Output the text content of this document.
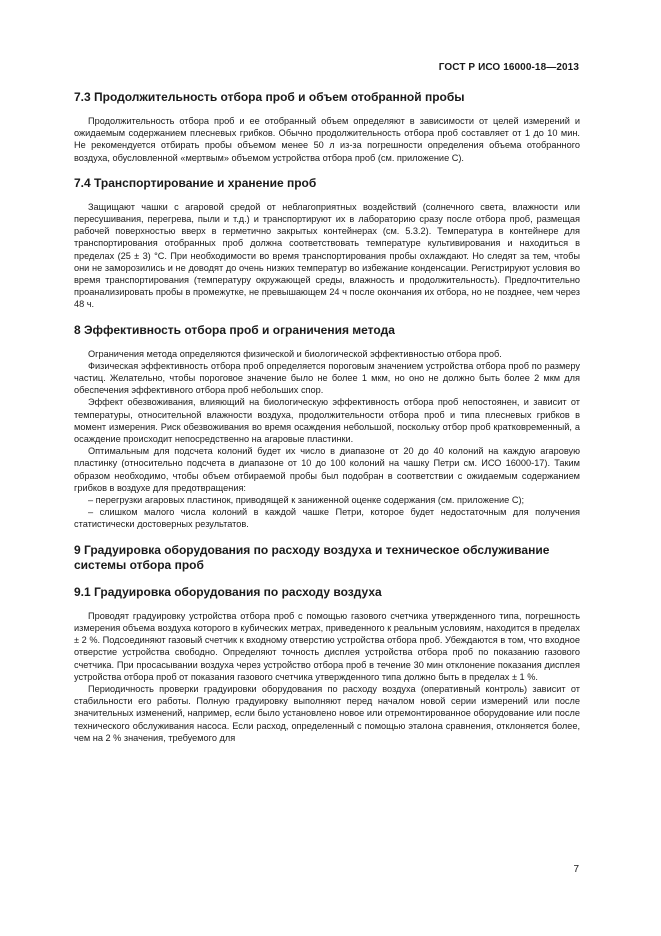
ГОСТ Р ИСО 16000-18—2013
7.3 Продолжительность отбора проб и объем отобранной пробы

Продолжительность отбора проб и ее отобранный объем определяют в зависимости от целей измерений и ожидаемым содержанием плесневых грибков. Обычно продолжительность отбора проб составляет от 1 до 10 мин. Не рекомендуется отбирать пробы объемом менее 50 л из-за погрешности определения объема отобранного воздуха, обусловленной «мертвым» объемом устройства отбора проб (см. приложение С).

7.4 Транспортирование и хранение проб

Защищают чашки с агаровой средой от неблагоприятных воздействий (солнечного света, влажности или пересушивания, перегрева, пыли и т.д.) и транспортируют их в лабораторию сразу после отбора проб, размещая рабочей поверхностью вверх в герметично закрытых контейнерах (см. 5.3.2). Температура в контейнере для транспортирования отобранных проб должна соответствовать температуре культивирования и находиться в пределах (25 ± 3) °С. При необходимости во время транспортирования пробы охлаждают. Но следят за тем, чтобы они не заморозились и не доводят до очень низких температур во избежание конденсации. Регистрируют условия во время транспортирования (температуру окружающей среды, влажность и продолжительность). Предпочтительно проанализировать пробы в промежутке, не превышающем 24 ч после окончания их отбора, но не позднее, чем через 48 ч.

8 Эффективность отбора проб и ограничения метода

Ограничения метода определяются физической и биологической эффективностью отбора проб.

Физическая эффективность отбора проб определяется пороговым значением устройства отбора проб по размеру частиц. Желательно, чтобы пороговое значение было не более 1 мкм, но оно не должно быть более 2 мкм для обеспечения эффективного отбора проб небольших спор.

Эффект обезвоживания, влияющий на биологическую эффективность отбора проб непостоянен, и зависит от температуры, относительной влажности воздуха, продолжительности отбора проб и типа плесневых грибков в момент измерения. Риск обезвоживания во время осаждения небольшой, поскольку отбор проб кратковременный, а осаждение происходит непосредственно на агаровые пластинки.

Оптимальным для подсчета колоний будет их число в диапазоне от 20 до 40 колоний на каждую агаровую пластинку (относительно подсчета в диапазоне от 10 до 100 колоний на чашку Петри см. ИСО 16000-17). Таким образом необходимо, чтобы объем отбираемой пробы был подобран в соответствии с ожидаемым содержанием грибков в воздухе для предотвращения:

– перегрузки агаровых пластинок, приводящей к заниженной оценке содержания (см. приложение С);

– слишком малого числа колоний в каждой чашке Петри, которое будет недостаточным для получения статистически достоверных результатов.

9 Градуировка оборудования по расходу воздуха и техническое обслуживание системы отбора проб
9.1 Градуировка оборудования по расходу воздуха

Проводят градуировку устройства отбора проб с помощью газового счетчика утвержденного типа, погрешность измерения объема воздуха которого в кубических метрах, приведенного к реальным условиям, находится в пределах ± 2 %. Подсоединяют газовый счетчик к входному отверстию устройства отбора проб. Убеждаются в том, что входное отверстие устройства свободно. Определяют точность дисплея устройства отбора проб по показанию газового счетчика. При просасывании воздуха через устройство отбора проб в течение 30 мин отклонение показания дисплея устройства отбора проб от показания газового счетчика утвержденного типа должно быть в пределах ± 1 %.

Периодичность проверки градуировки оборудования по расходу воздуха (оперативный контроль) зависит от стабильности его работы. Полную градуировку выполняют перед началом новой серии измерений или после значительных изменений, например, если было установлено новое или отремонтированное оборудование или после технического обслуживания насоса. Если расход, определенный с помощью эталона сравнения, отклоняется более, чем на 2 % значения, требуемого для

7
